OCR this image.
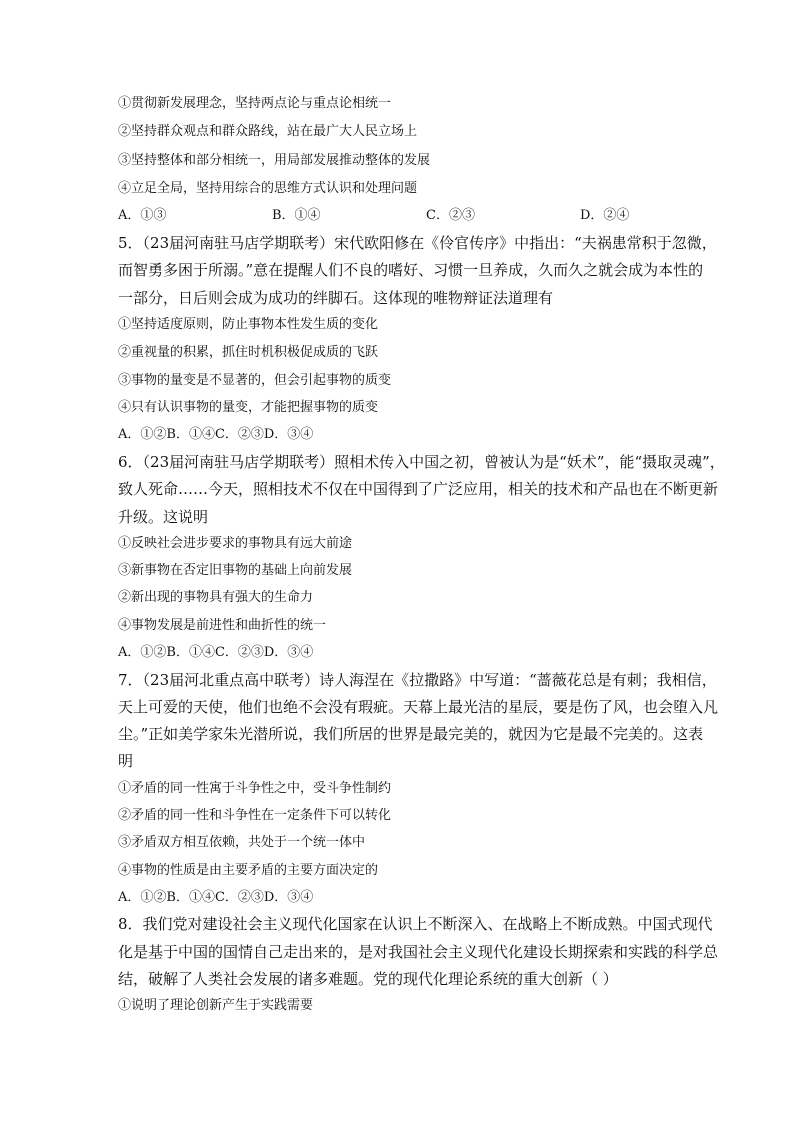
①贯彻新发展理念，坚持两点论与重点论相统一
②坚持群众观点和群众路线，站在最广大人民立场上
③坚持整体和部分相统一，用局部发展推动整体的发展
④立足全局，坚持用综合的思维方式认识和处理问题
A．①③	B．①④	C．②③	D．②④
5．（23届河南驻马店学期联考）宋代欧阳修在《伶官传序》中指出：“夫祸患常积于忽微，
而智勇多困于所溺。”意在提醒人们不良的嗜好、习惯一旦养成，久而久之就会成为本性的
一部分，日后则会成为成功的绊脚石。这体现的唯物辩证法道理有
①坚持适度原则，防止事物本性发生质的变化
②重视量的积累，抓住时机积极促成质的飞跃
③事物的量变是不显著的，但会引起事物的质变
④只有认识事物的量变，才能把握事物的质变
A．①②B．①④C．②③D．③④
6．（23届河南驻马店学期联考）照相术传入中国之初，曾被认为是“妖术”，能“摄取灵魂”，
致人死命……今天，照相技术不仅在中国得到了广泛应用，相关的技术和产品也在不断更新
升级。这说明
①反映社会进步要求的事物具有远大前途
③新事物在否定旧事物的基础上向前发展
②新出现的事物具有强大的生命力
④事物发展是前进性和曲折性的统一
A．①②B．①④C．②③D．③④
7．（23届河北重点高中联考）诗人海涅在《拉撒路》中写道：“蔷薇花总是有刺；我相信，
天上可爱的天使，他们也绝不会没有瑕疵。天幕上最光洁的星辰，要是伤了风，也会堕入凡
尘。”正如美学家朱光潜所说，我们所居的世界是最完美的，就因为它是最不完美的。这表
明
①矛盾的同一性寓于斗争性之中，受斗争性制约
②矛盾的同一性和斗争性在一定条件下可以转化
③矛盾双方相互依赖，共处于一个统一体中
④事物的性质是由主要矛盾的主要方面决定的
A．①②B．①④C．②③D．③④
8．我们党对建设社会主义现代化国家在认识上不断深入、在战略上不断成熟。中国式现代
化是基于中国的国情自己走出来的，是对我国社会主义现代化建设长期探索和实践的科学总
结，破解了人类社会发展的诸多难题。党的现代化理论系统的重大创新（ ）
①说明了理论创新产生于实践需要
